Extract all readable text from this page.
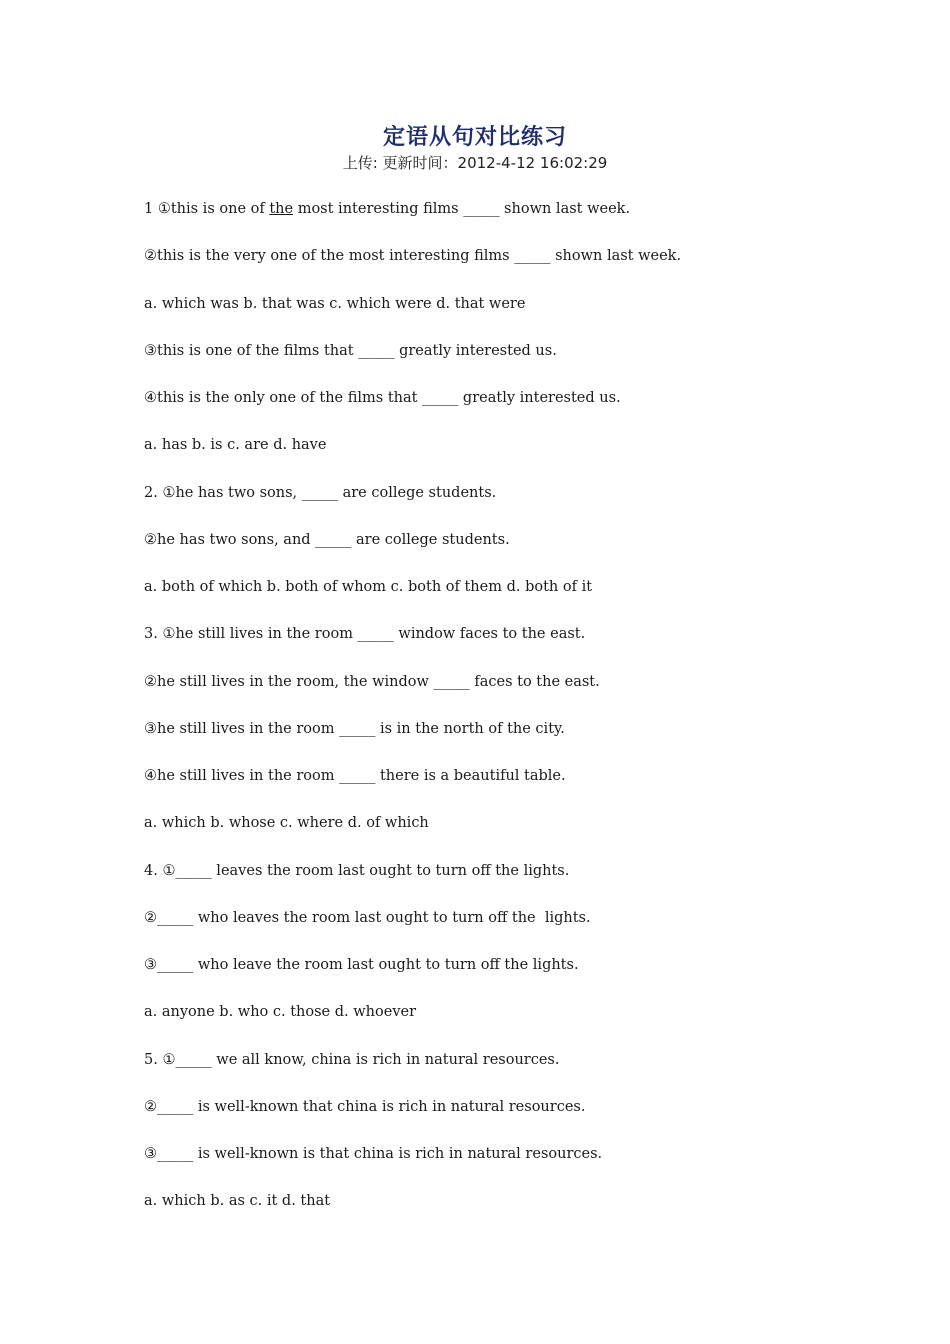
定语从句对比练习
上传: 更新时间：2012-4-12 16:02:29
1 ①this is one of the most interesting films _____ shown last week.
②this is the very one of the most interesting films _____ shown last week.
a. which was b. that was c. which were d. that were
③this is one of the films that _____ greatly interested us.
④this is the only one of the films that _____ greatly interested us.
a. has b. is c. are d. have
2. ①he has two sons, _____ are college students.
②he has two sons, and _____ are college students.
a. both of which b. both of whom c. both of them d. both of it
3. ①he still lives in the room _____ window faces to the east.
②he still lives in the room, the window _____ faces to the east.
③he still lives in the room _____ is in the north of the city.
④he still lives in the room _____ there is a beautiful table.
a. which b. whose c. where d. of which
4. ①_____ leaves the room last ought to turn off the lights.
②_____ who leaves the room last ought to turn off the  lights.
③_____ who leave the room last ought to turn off the lights.
a. anyone b. who c. those d. whoever
5. ①_____ we all know, china is rich in natural resources.
②_____ is well-known that china is rich in natural resources.
③_____ is well-known is that china is rich in natural resources.
a. which b. as c. it d. that
